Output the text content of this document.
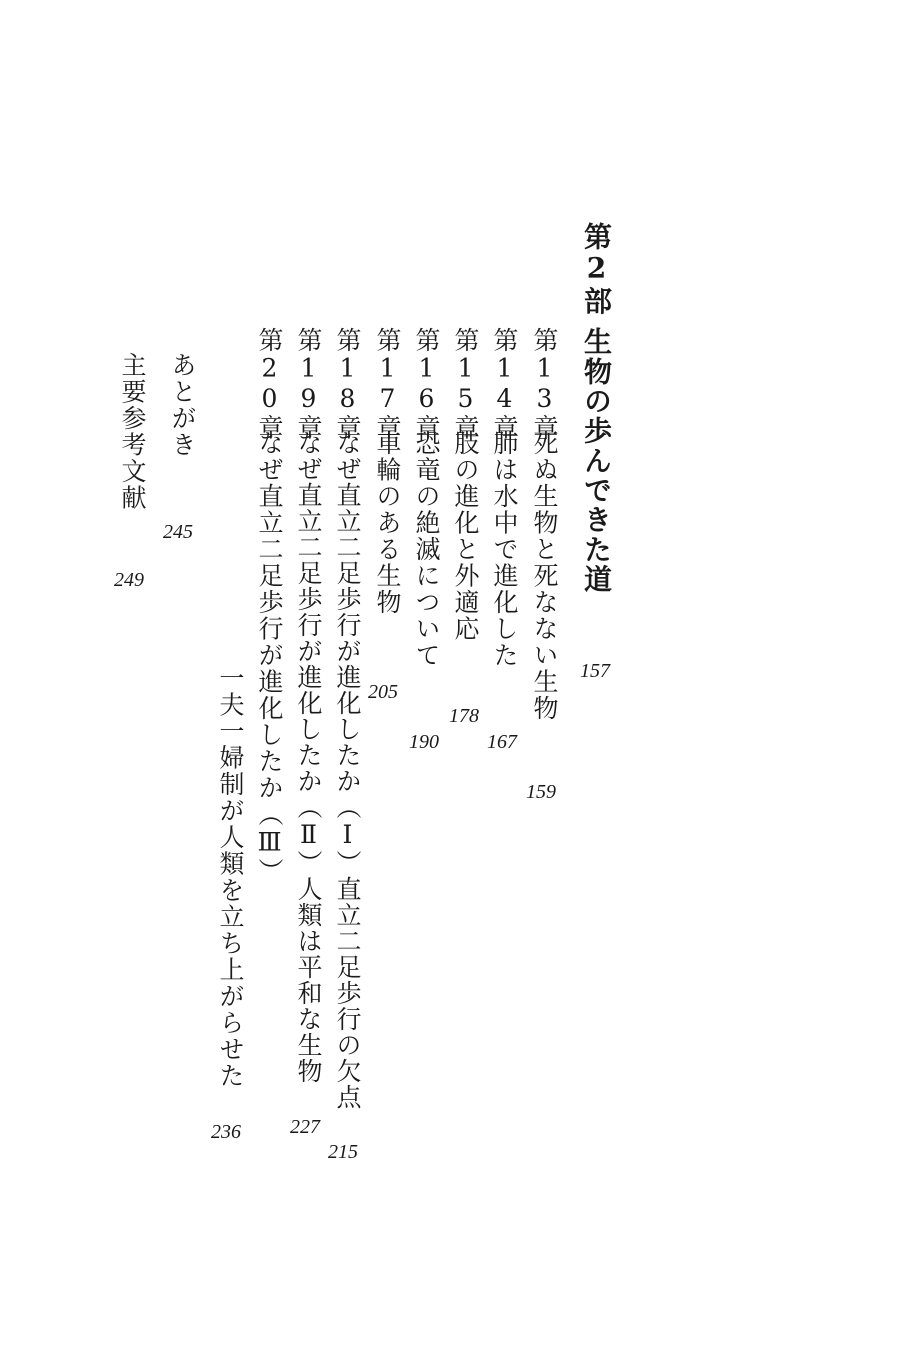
第2部
生物の歩んできた道
157
第13章
死ぬ生物と死なない生物
159
第14章
肺は水中で進化した
167
第15章
肢の進化と外適応
178
第16章
恐竜の絶滅について
190
第17章
車輪のある生物
205
第18章
なぜ直立二足歩行が進化したか（Ⅰ）直立二足歩行の欠点
215
第19章
なぜ直立二足歩行が進化したか（Ⅱ）人類は平和な生物
227
第20章
なぜ直立二足歩行が進化したか（Ⅲ）
一夫一婦制が人類を立ち上がらせた
236
あとがき
245
主要参考文献
249
